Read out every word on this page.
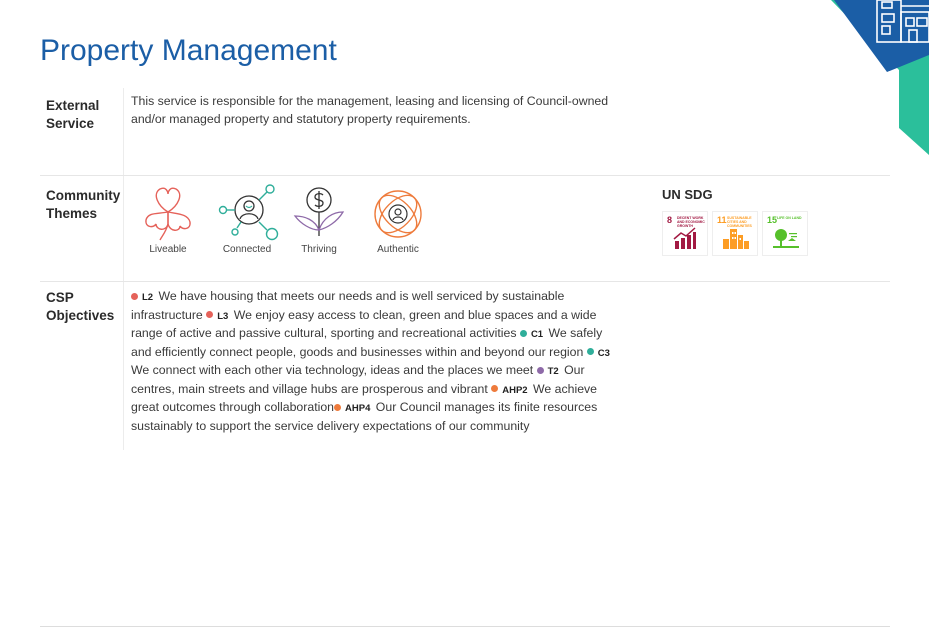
Property Management
External Service
This service is responsible for the management, leasing and licensing of Council-owned and/or managed property and statutory property requirements.
Community Themes
Liveable	Connected	Thriving	Authentic
UN SDG
8 DECENT WORK AND ECONOMIC GROWTH
11 SUSTAINABLE CITIES AND COMMUNITIES
15 LIFE ON LAND
CSP Objectives
L2 We have housing that meets our needs and is well serviced by sustainable infrastructure L3 We enjoy easy access to clean, green and blue spaces and a wide range of active and passive cultural, sporting and recreational activities C1 We safely and efficiently connect people, goods and businesses within and beyond our region C3 We connect with each other via technology, ideas and the places we meet T2 Our centres, main streets and village hubs are prosperous and vibrant AHP2 We achieve great outcomes through collaboration AHP4 Our Council manages its finite resources sustainably to support the service delivery expectations of our community
